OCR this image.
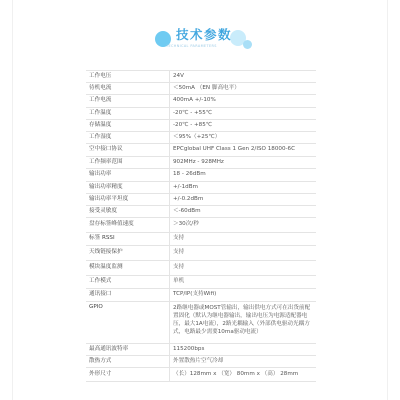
技术参数
TECHNICAL PARAMETERS
工作电压	24V
待机电流	＜50mA （EN 脚高电平）
工作电流	400mA +/-10%
工作温度	-20℃ - +55℃
存储温度	-20℃ - +85℃
工作湿度	＜95%（+25℃）
空中接口协议	EPCglobal UHF Class 1 Gen 2/ISO 18000-6C
工作频率范围	902MHz - 928MHz
输出功率	18 - 26dBm
输出功率精度	+/-1dBm
输出功率平坦度	+/-0.2dBm
接受灵敏度	＜-60dBm
盘存标签峰值速度	＞30次/秒
标签 RSSI	支持
天线链接保护	支持
模块温度监测	支持
工作模式	单机
通讯接口	TCP/IP(支持Wifi)
GPIO	2路继电器或MOST管输出，输出供电方式可在出货前配置固化（默认为继电器输出，输出电压为电源适配器电压，最大1A电流），2路光耦输入（外部供电驱动光耦方式，电路最少需要10ma驱动电流）
最高通讯波特率	115200bps
散热方式	外置散热片空气冷却
外形尺寸	（长）128mm x （宽） 80mm x （高） 28mm
